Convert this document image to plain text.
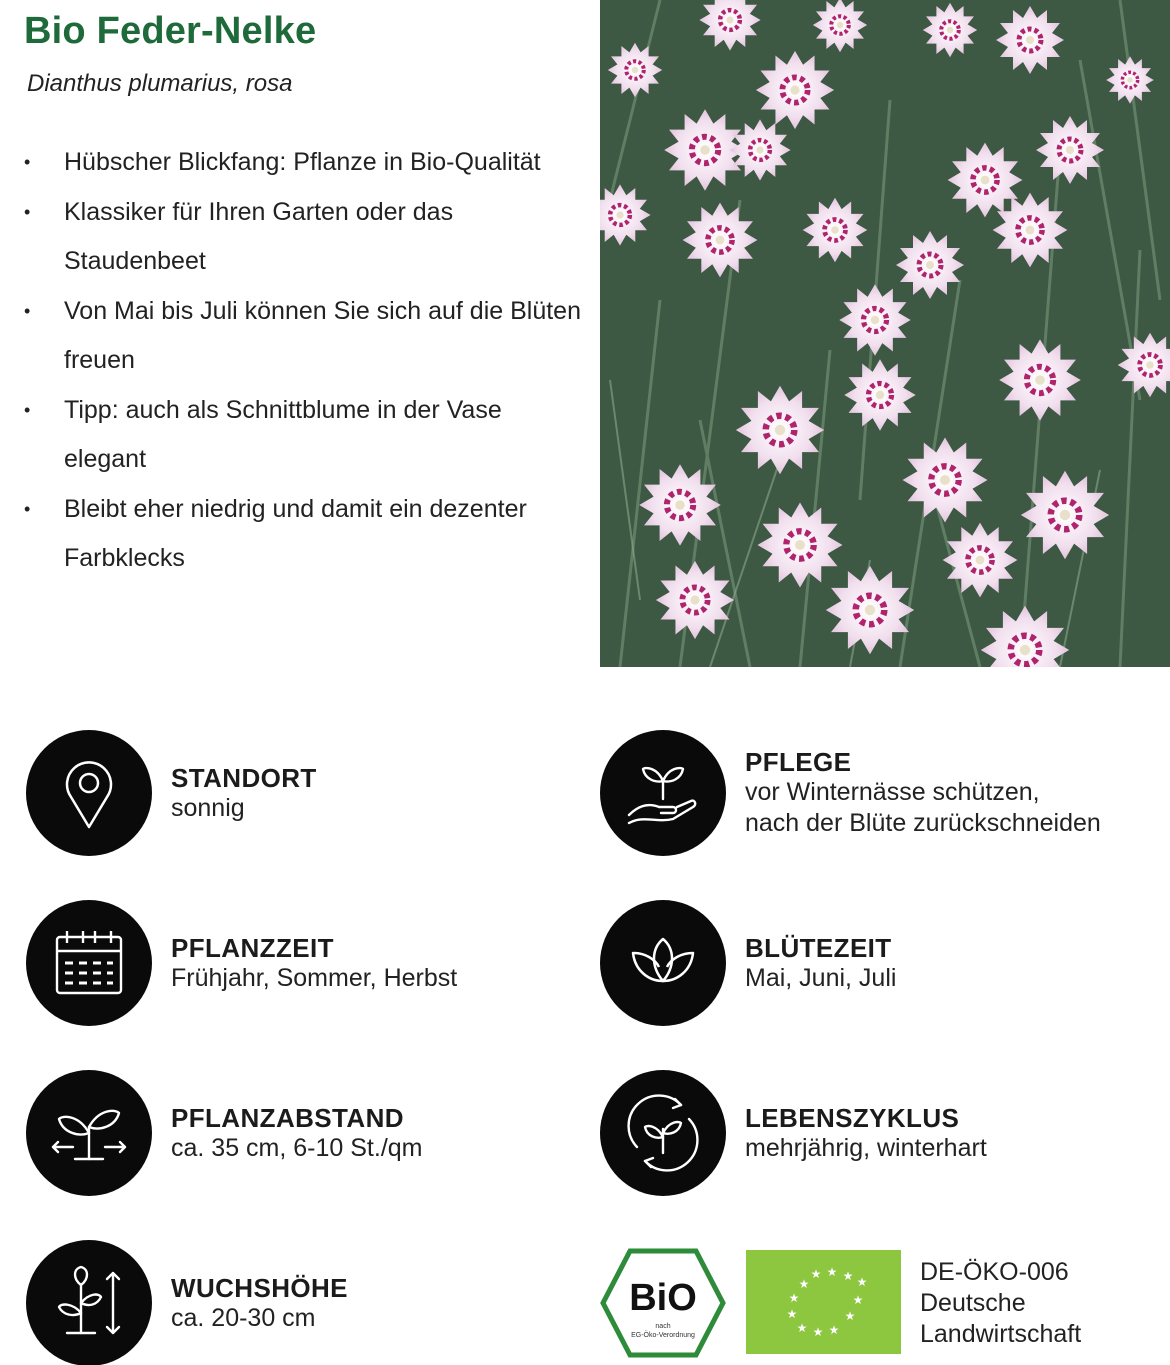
Bio Feder-Nelke
Dianthus plumarius, rosa
• Hübscher Blickfang: Pflanze in Bio-Qualität
• Klassiker für Ihren Garten oder das Staudenbeet
• Von Mai bis Juli können Sie sich auf die Blüten freuen
• Tipp: auch als Schnittblume in der Vase elegant
• Bleibt eher niedrig und damit ein dezenter Farbklecks
STANDORT
sonnig
PFLEGE
vor Winternässe schützen,
nach der Blüte zurückschneiden
PFLANZZEIT
Frühjahr, Sommer, Herbst
BLÜTEZEIT
Mai, Juni, Juli
PFLANZABSTAND
ca. 35 cm, 6-10 St./qm
LEBENSZYKLUS
mehrjährig, winterhart
WUCHSHÖHE
ca. 20-30 cm	BiO
nach
EG-Öko-Verordnung
★ ★ ★ ★
★
★	★
★	★
★ ★ ★
DE-ÖKO-006
Deutsche
Landwirtschaft
